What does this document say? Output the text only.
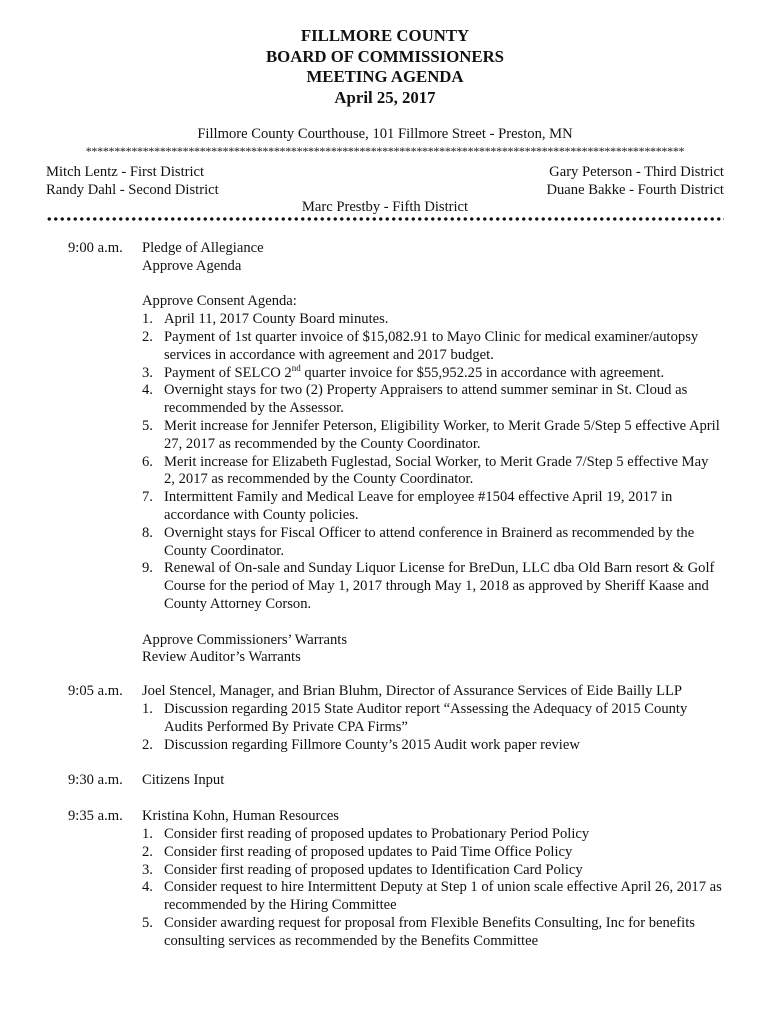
FILLMORE COUNTY
BOARD OF COMMISSIONERS
MEETING AGENDA
April 25, 2017
Fillmore County Courthouse, 101 Fillmore Street - Preston, MN
*********************************************************************************************************
Mitch Lentz - First District	Gary Peterson - Third District
Randy Dahl - Second District	Duane Bakke - Fourth District
Marc Prestby - Fifth District
9:00 a.m. Pledge of Allegiance
Approve Agenda
Approve Consent Agenda:
1. April 11, 2017 County Board minutes.
2. Payment of 1st quarter invoice of $15,082.91 to Mayo Clinic for medical examiner/autopsy services in accordance with agreement and 2017 budget.
3. Payment of SELCO 2nd quarter invoice for $55,952.25 in accordance with agreement.
4. Overnight stays for two (2) Property Appraisers to attend summer seminar in St. Cloud as recommended by the Assessor.
5. Merit increase for Jennifer Peterson, Eligibility Worker, to Merit Grade 5/Step 5 effective April 27, 2017 as recommended by the County Coordinator.
6. Merit increase for Elizabeth Fuglestad, Social Worker, to Merit Grade 7/Step 5 effective May 2, 2017 as recommended by the County Coordinator.
7. Intermittent Family and Medical Leave for employee #1504 effective April 19, 2017 in accordance with County policies.
8. Overnight stays for Fiscal Officer to attend conference in Brainerd as recommended by the County Coordinator.
9. Renewal of On-sale and Sunday Liquor License for BreDun, LLC dba Old Barn resort & Golf Course for the period of May 1, 2017 through May 1, 2018 as approved by Sheriff Kaase and County Attorney Corson.
Approve Commissioners’ Warrants
Review Auditor’s Warrants
9:05 a.m. Joel Stencel, Manager, and Brian Bluhm, Director of Assurance Services of Eide Bailly LLP
1. Discussion regarding 2015 State Auditor report “Assessing the Adequacy of 2015 County Audits Performed By Private CPA Firms”
2. Discussion regarding Fillmore County’s 2015 Audit work paper review
9:30 a.m. Citizens Input
9:35 a.m. Kristina Kohn, Human Resources
1. Consider first reading of proposed updates to Probationary Period Policy
2. Consider first reading of proposed updates to Paid Time Office Policy
3. Consider first reading of proposed updates to Identification Card Policy
4. Consider request to hire Intermittent Deputy at Step 1 of union scale effective April 26, 2017 as recommended by the Hiring Committee
5. Consider awarding request for proposal from Flexible Benefits Consulting, Inc for benefits consulting services as recommended by the Benefits Committee
